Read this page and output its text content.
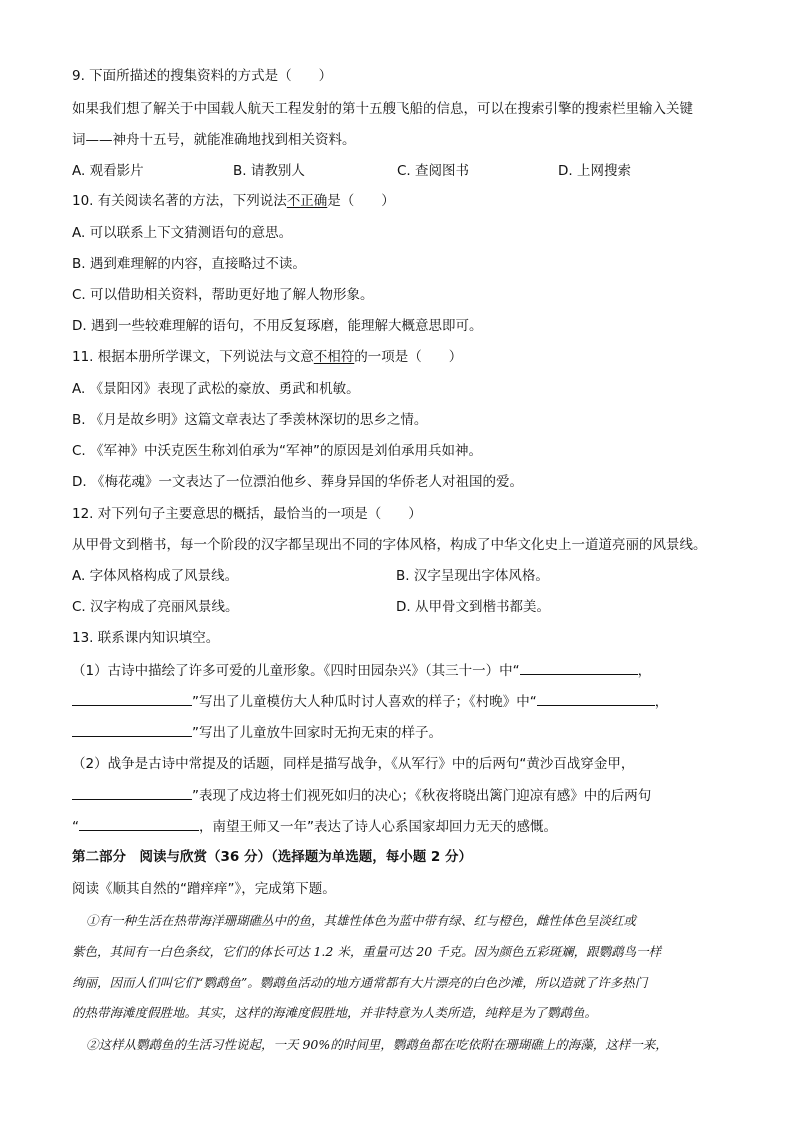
9. 下面所描述的搜集资料的方式是（　　）
如果我们想了解关于中国载人航天工程发射的第十五艘飞船的信息，可以在搜索引擎的搜索栏里输入关键
词——神舟十五号，就能准确地找到相关资料。
A. 观看影片	B. 请教别人	C. 查阅图书	D. 上网搜索
10. 有关阅读名著的方法，下列说法不正确是（　　）
A. 可以联系上下文猜测语句的意思。
B. 遇到难理解的内容，直接略过不读。
C. 可以借助相关资料，帮助更好地了解人物形象。
D. 遇到一些较难理解的语句，不用反复琢磨，能理解大概意思即可。
11. 根据本册所学课文，下列说法与文意不相符的一项是（　　）
A. 《景阳冈》表现了武松的豪放、勇武和机敏。
B. 《月是故乡明》这篇文章表达了季羡林深切的思乡之情。
C. 《军神》中沃克医生称刘伯承为“军神”的原因是刘伯承用兵如神。
D. 《梅花魂》一文表达了一位漂泊他乡、葬身异国的华侨老人对祖国的爱。
12. 对下列句子主要意思的概括，最恰当的一项是（　　）
从甲骨文到楷书，每一个阶段的汉字都呈现出不同的字体风格，构成了中华文化史上一道道亮丽的风景线。
A. 字体风格构成了风景线。	B. 汉字呈现出字体风格。
C. 汉字构成了亮丽风景线。	D. 从甲骨文到楷书都美。
13. 联系课内知识填空。
（1）古诗中描绘了许多可爱的儿童形象。《四时田园杂兴》（其三十一）中“	，
”写出了儿童模仿大人种瓜时讨人喜欢的样子；《村晚》中“	，
”写出了儿童放牛回家时无拘无束的样子。
（2）战争是古诗中常提及的话题，同样是描写战争，《从军行》中的后两句“黄沙百战穿金甲，
”表现了戍边将士们视死如归的决心；《秋夜将晓出篱门迎凉有感》中的后两句
“	，南望王师又一年”表达了诗人心系国家却回力无天的感慨。
第二部分　阅读与欣赏（36 分）（选择题为单选题，每小题 2 分）
阅读《顺其自然的“蹭痒痒”》，完成第下题。
①有一种生活在热带海洋珊瑚礁丛中的鱼，其雄性体色为蓝中带有绿、红与橙色，雌性体色呈淡红或
紫色，其间有一白色条纹，它们的体长可达 1.2 米，重量可达 20 千克。因为颜色五彩斑斓，跟鹦鹉鸟一样
绚丽，因而人们叫它们“鹦鹉鱼”。鹦鹉鱼活动的地方通常都有大片漂亮的白色沙滩，所以造就了许多热门
的热带海滩度假胜地。其实，这样的海滩度假胜地，并非特意为人类所造，纯粹是为了鹦鹉鱼。
②这样从鹦鹉鱼的生活习性说起，一天 90%的时间里，鹦鹉鱼都在吃依附在珊瑚礁上的海藻，这样一来，
